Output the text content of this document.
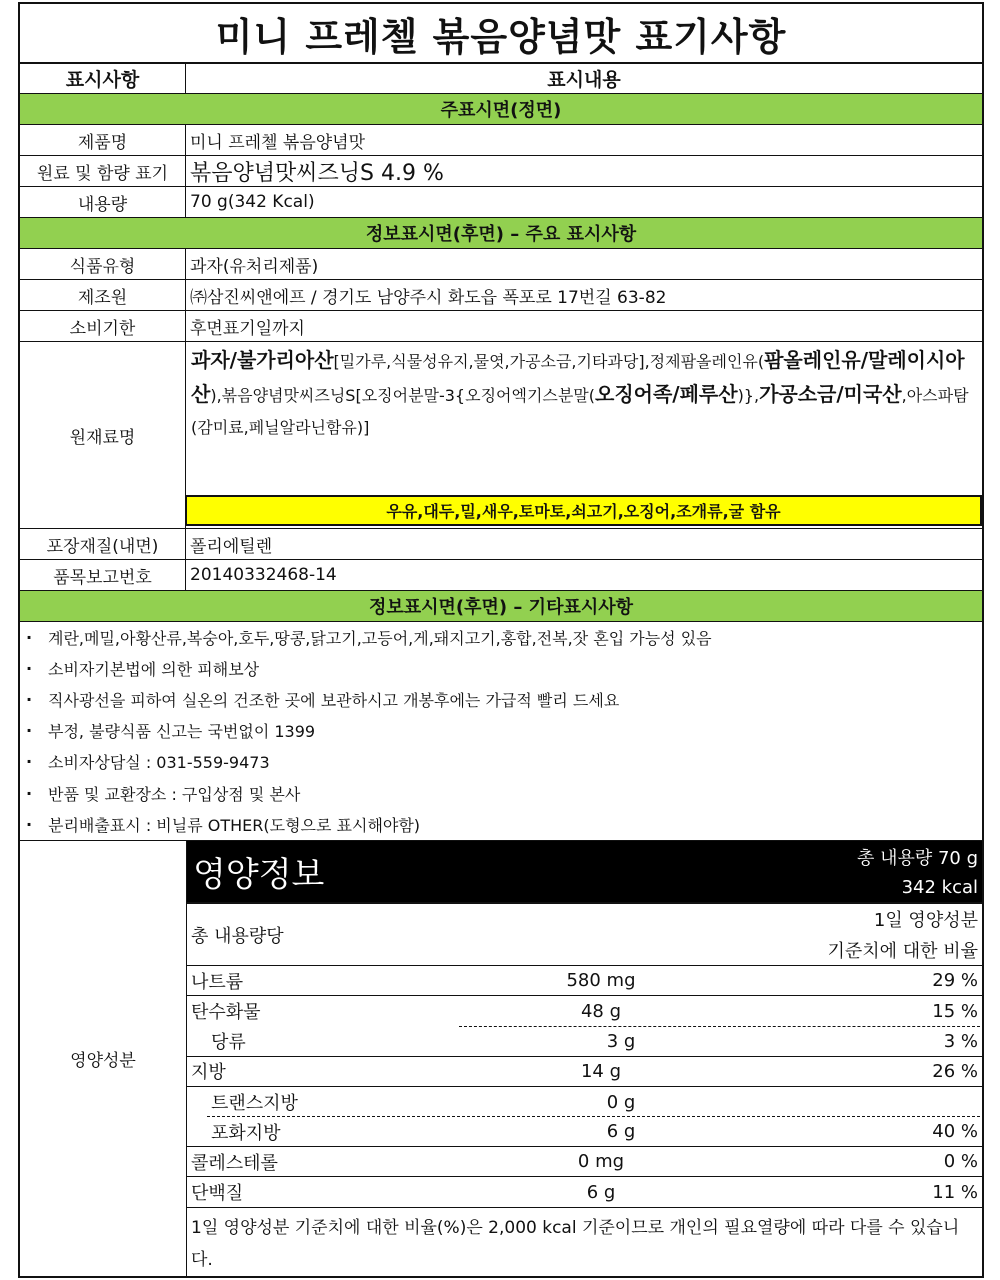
미니 프레첼 볶음양념맛 표기사항
표시사항	표시내용
주표시면(정면)
제품명	미니 프레첼 볶음양념맛
원료 및 함량 표기 볶음양념맛씨즈닝S 4.9 %
내용량	70 g(342 Kcal)
정보표시면(후면) – 주요 표시사항
식품유형	과자(유처리제품)
제조원	㈜삼진씨앤에프 / 경기도 남양주시 화도읍 폭포로 17번길 63-82
소비기한	후면표기일까지
원재료명
과자/불가리아산[밀가루,식물성유지,물엿,가공소금,기타과당],정제팜올레인유(팜올레인유/말레이시아산),볶음양념맛씨즈닝S[오징어분말-3{오징어엑기스분말(오징어족/페루산)},가공소금/미국산,아스파탐(감미료,페닐알라닌함유)]
우유,대두,밀,새우,토마토,쇠고기,오징어,조개류,굴 함유
포장재질(내면)	폴리에틸렌
품목보고번호	20140332468-14
정보표시면(후면) – 기타표시사항
· 계란,메밀,아황산류,복숭아,호두,땅콩,닭고기,고등어,게,돼지고기,홍합,전복,잣 혼입 가능성 있음
· 소비자기본법에 의한 피해보상
· 직사광선을 피하여 실온의 건조한 곳에 보관하시고 개봉후에는 가급적 빨리 드세요
· 부정, 불량식품 신고는 국번없이 1399
· 소비자상담실 : 031-559-9473
· 반품 및 교환장소 : 구입상점 및 본사
· 분리배출표시 : 비닐류 OTHER(도형으로 표시해야함)
영양성분
영양정보	총 내용량 70 g
342 kcal
총 내용량당
1일 영양성분
기준치에 대한 비율
나트륨	580 mg	29 %
탄수화물	48 g	15 %
당류	3 g	3 %
지방	14 g	26 %
트랜스지방	0 g
포화지방	6 g	40 %
콜레스테롤	0 mg	0 %
단백질	6 g	11 %
1일 영양성분 기준치에 대한 비율(%)은 2,000 kcal 기준이므로 개인의 필요열량에 따라 다를 수 있습니다.
